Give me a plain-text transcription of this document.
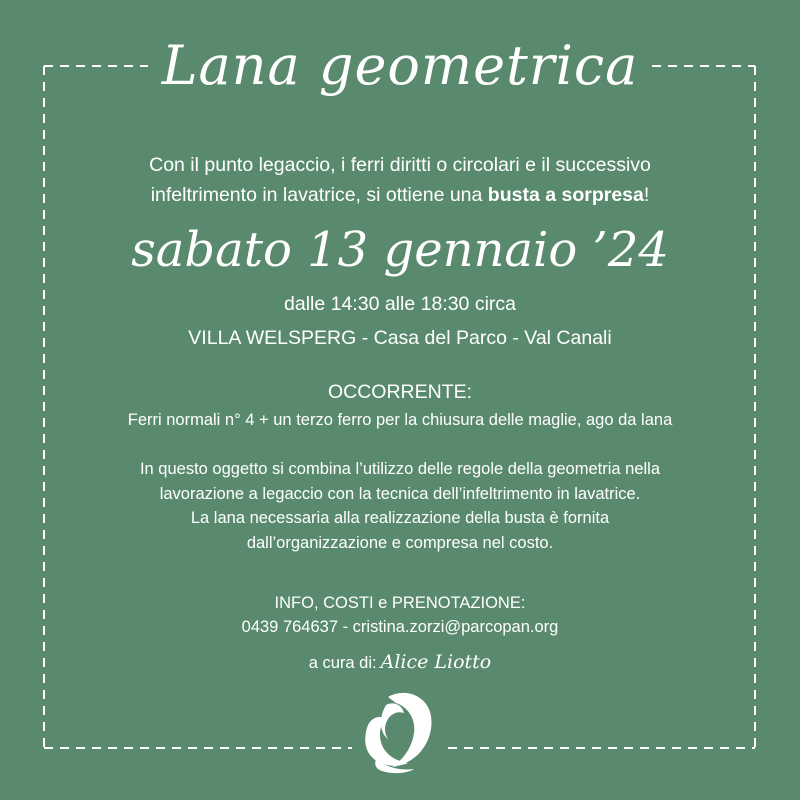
Lana geometrica
Con il punto legaccio, i ferri diritti o circolari e il successivo
infeltrimento in lavatrice, si ottiene una busta a sorpresa!
sabato 13 gennaio ’24
dalle 14:30 alle 18:30 circa
VILLA WELSPERG - Casa del Parco - Val Canali
OCCORRENTE:
Ferri normali n° 4 + un terzo ferro per la chiusura delle maglie, ago da lana
In questo oggetto si combina l’utilizzo delle regole della geometria nella
lavorazione a legaccio con la tecnica dell’infeltrimento in lavatrice.
La lana necessaria alla realizzazione della busta è fornita
dall’organizzazione e compresa nel costo.
INFO, COSTI e PRENOTAZIONE:
0439 764637 - cristina.zorzi@parcopan.org
a cura di: Alice Liotto
